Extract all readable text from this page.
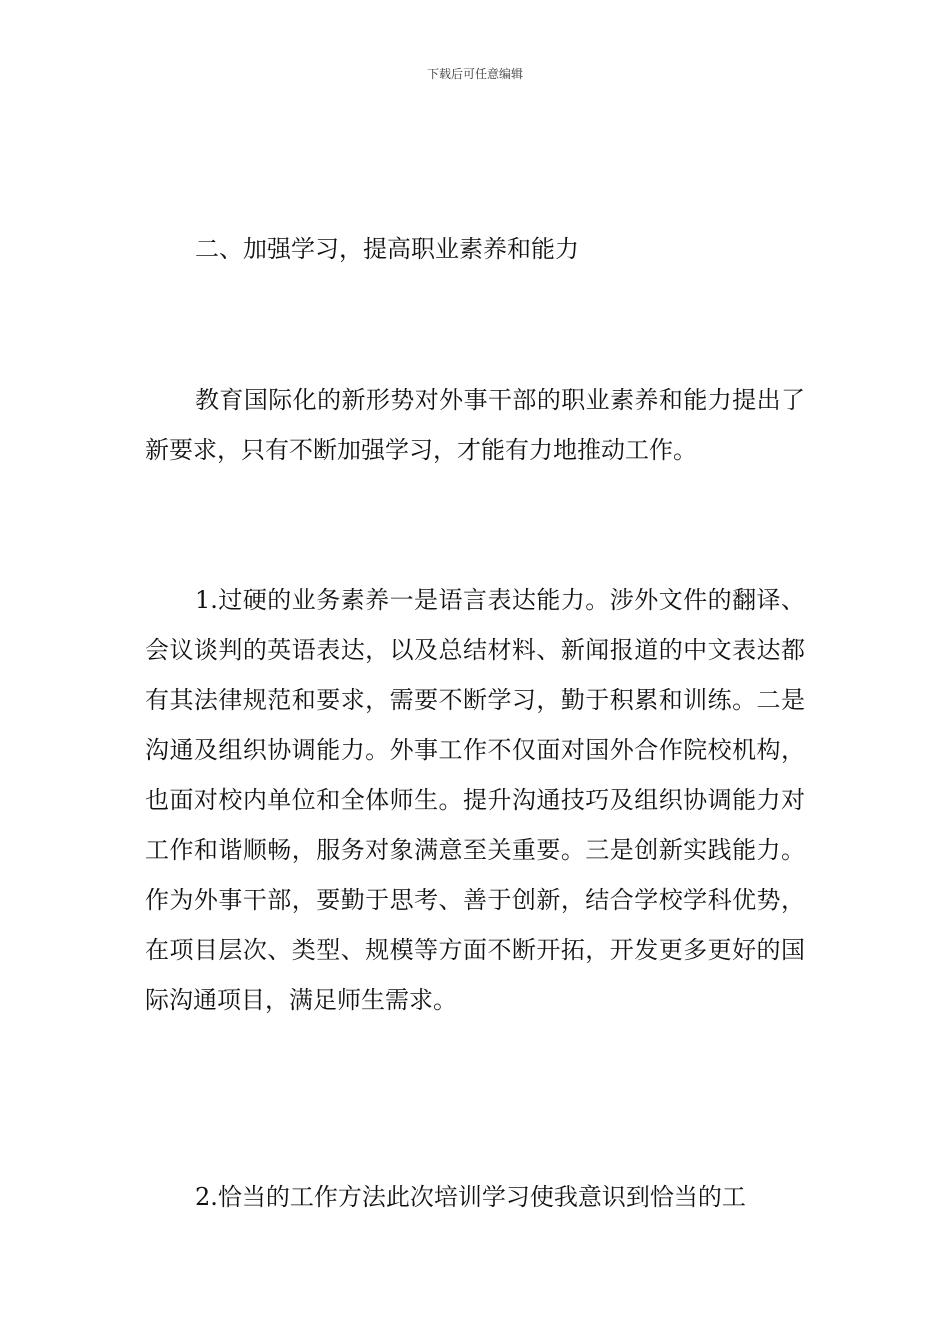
下载后可任意编辑

二、加强学习，提高职业素养和能力

教育国际化的新形势对外事干部的职业素养和能力提出了新要求，只有不断加强学习，才能有力地推动工作。

1.过硬的业务素养一是语言表达能力。涉外文件的翻译、会议谈判的英语表达，以及总结材料、新闻报道的中文表达都有其法律规范和要求，需要不断学习，勤于积累和训练。二是沟通及组织协调能力。外事工作不仅面对国外合作院校机构，也面对校内单位和全体师生。提升沟通技巧及组织协调能力对工作和谐顺畅，服务对象满意至关重要。三是创新实践能力。作为外事干部，要勤于思考、善于创新，结合学校学科优势，在项目层次、类型、规模等方面不断开拓，开发更多更好的国际沟通项目，满足师生需求。

2.恰当的工作方法此次培训学习使我意识到恰当的工
